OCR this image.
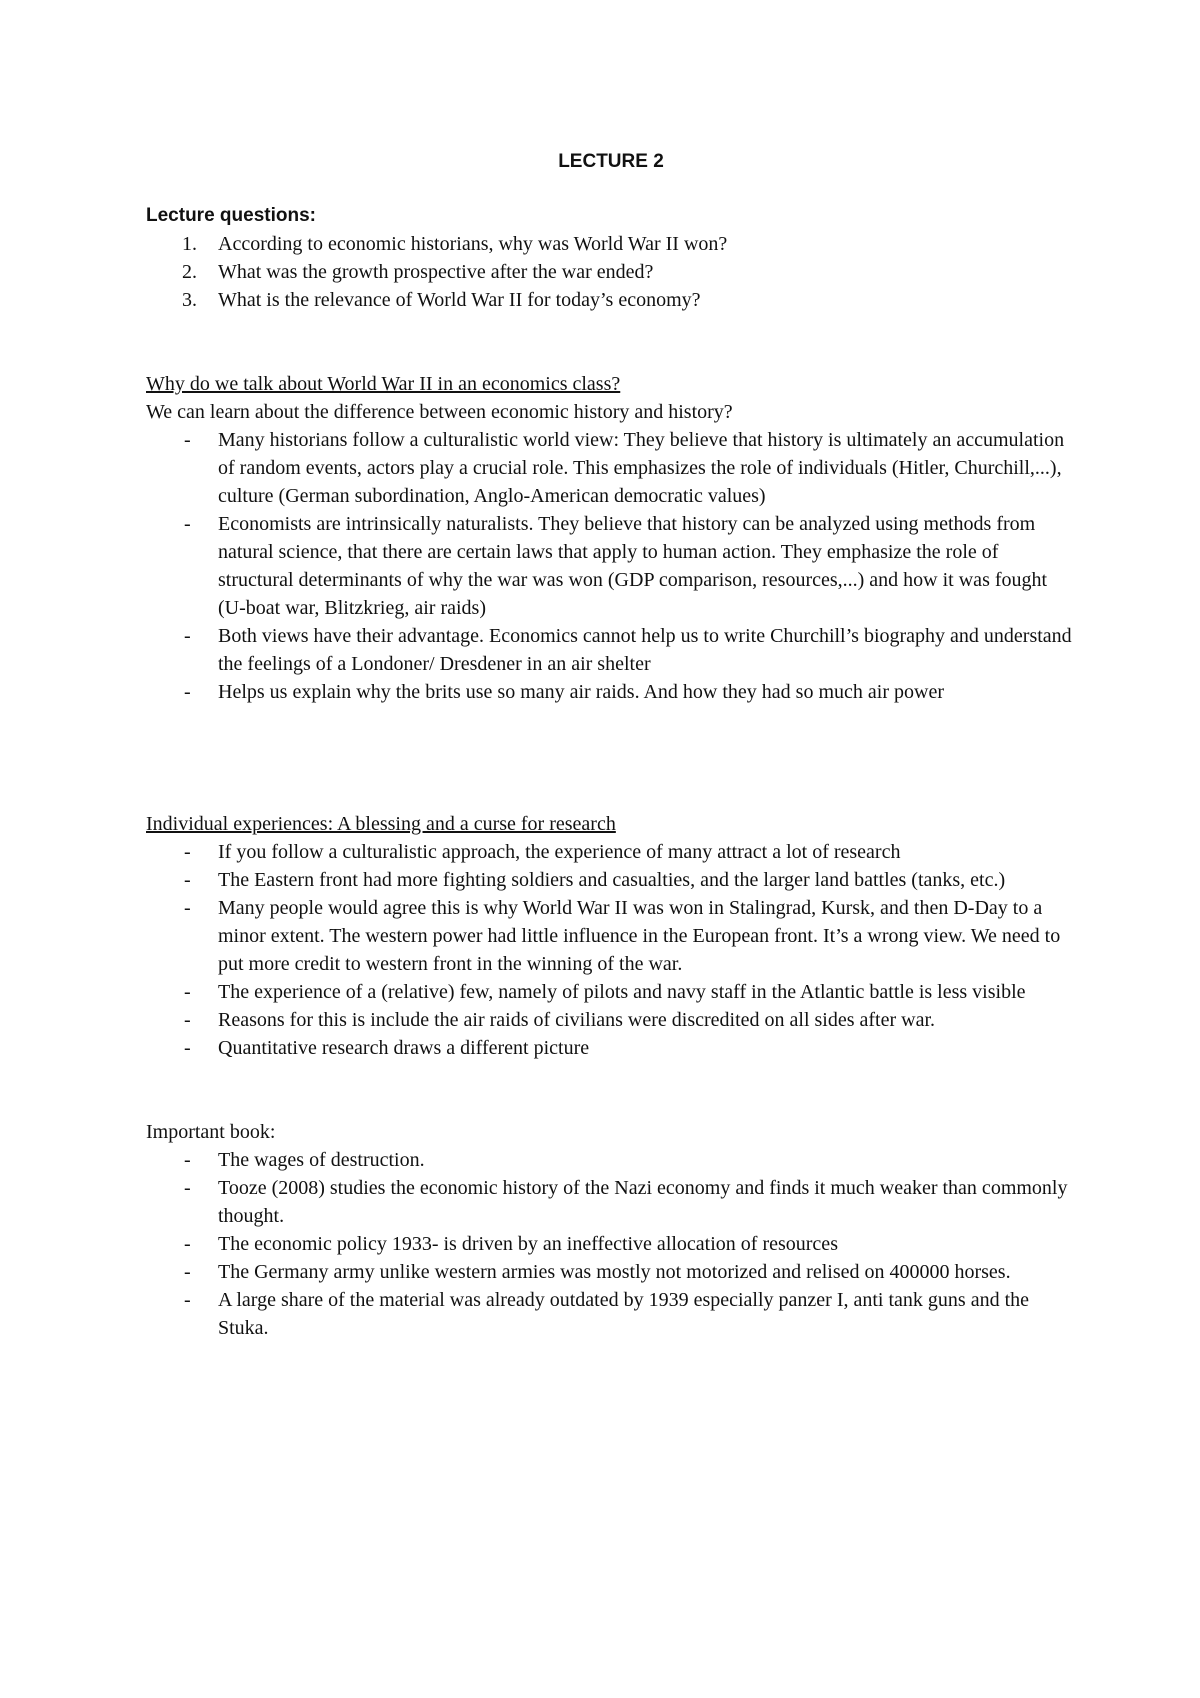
LECTURE 2

Lecture questions:

1. According to economic historians, why was World War II won?
2. What was the growth prospective after the war ended?
3. What is the relevance of World War II for today’s economy?

Why do we talk about World War II in an economics class?

We can learn about the difference between economic history and history?

- Many historians follow a culturalistic world view: They believe that history is ultimately an accumulation of random events, actors play a crucial role. This emphasizes the role of individuals (Hitler, Churchill,...), culture (German subordination, Anglo-American democratic values)
- Economists are intrinsically naturalists. They believe that history can be analyzed using methods from natural science, that there are certain laws that apply to human action. They emphasize the role of structural determinants of why the war was won (GDP comparison, resources,...) and how it was fought (U-boat war, Blitzkrieg, air raids)
- Both views have their advantage. Economics cannot help us to write Churchill’s biography and understand the feelings of a Londoner/ Dresdener in an air shelter
- Helps us explain why the brits use so many air raids. And how they had so much air power

Individual experiences: A blessing and a curse for research

- If you follow a culturalistic approach, the experience of many attract a lot of research
- The Eastern front had more fighting soldiers and casualties, and the larger land battles (tanks, etc.)
- Many people would agree this is why World War II was won in Stalingrad, Kursk, and then D-Day to a minor extent. The western power had little influence in the European front. It’s a wrong view. We need to put more credit to western front in the winning of the war.
- The experience of a (relative) few, namely of pilots and navy staff in the Atlantic battle is less visible
- Reasons for this is include the air raids of civilians were discredited on all sides after war.
- Quantitative research draws a different picture

Important book:

- The wages of destruction.
- Tooze (2008) studies the economic history of the Nazi economy and finds it much weaker than commonly thought.
- The economic policy 1933- is driven by an ineffective allocation of resources
- The Germany army unlike western armies was mostly not motorized and relised on 400000 horses.
- A large share of the material was already outdated by 1939 especially panzer I, anti tank guns and the Stuka.
